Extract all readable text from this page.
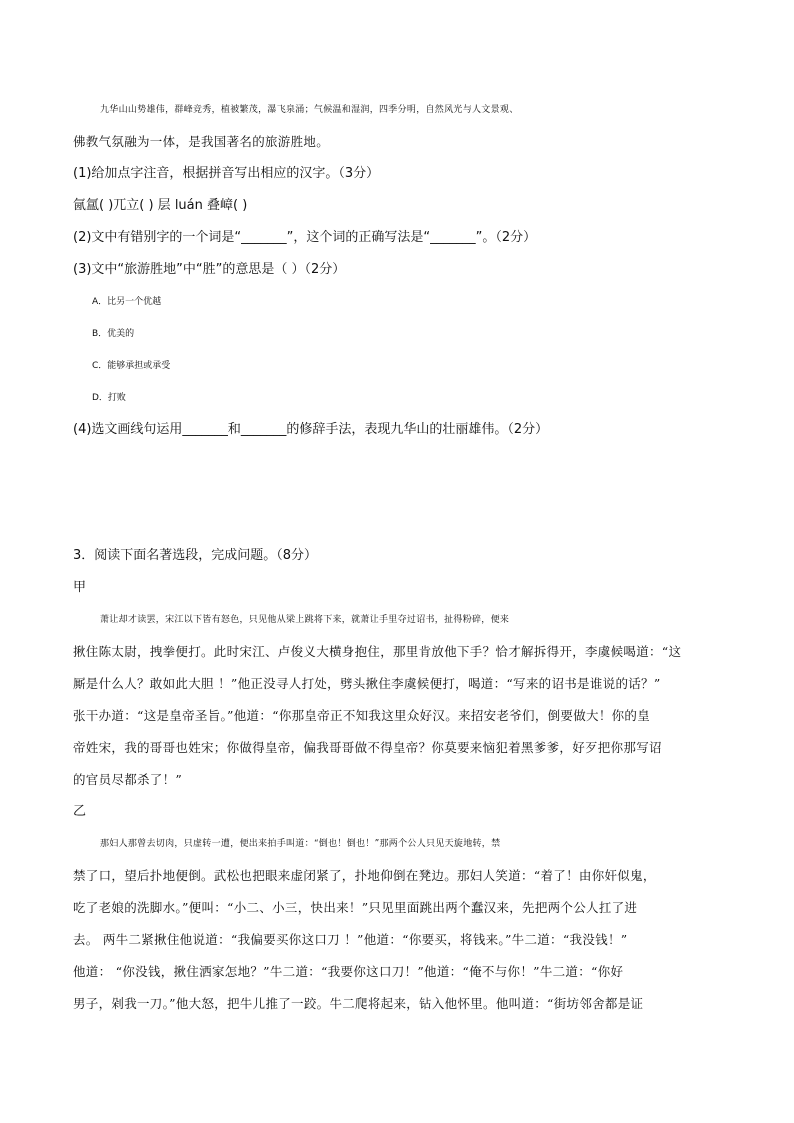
九华山山势雄伟，群峰竞秀，植被繁茂，瀑飞泉涌；气候温和湿润，四季分明，自然风光与人文景观、
佛教气氛融为一体，是我国著名的旅游胜地。
(1)给加点字注音，根据拼音写出相应的汉字。（3分）
氤氲( )兀立( ) 层 luán 叠嶂( )
(2)文中有错别字的一个词是“_______”，这个词的正确写法是“_______”。（2分）
(3)文中“旅游胜地”中“胜”的意思是（ ）（2分）
A．比另一个优越
B．优美的
C．能够承担或承受
D．打败
(4)选文画线句运用_______和_______的修辞手法，表现九华山的壮丽雄伟。（2分）
3．阅读下面名著选段，完成问题。（8分）
甲
萧让却才读罢，宋江以下皆有怒色，只见他从梁上跳将下来，就萧让手里夺过诏书，扯得粉碎，便来
揪住陈太尉，拽拳便打。此时宋江、卢俊义大横身抱住，那里肯放他下手？恰才解拆得开，李虞候喝道：“这
厮是什么人？敢如此大胆 ！”他正没寻人打处，劈头揪住李虞候便打，喝道：“写来的诏书是谁说的话？”
张干办道：“这是皇帝圣旨。”他道：“你那皇帝正不知我这里众好汉。来招安老爷们，倒要做大！你的皇
帝姓宋，我的哥哥也姓宋；你做得皇帝，偏我哥哥做不得皇帝？你莫要来恼犯着黑爹爹，好歹把你那写诏
的官员尽都杀了！”
乙
那妇人那曾去切肉，只虚转一遭，便出来拍手叫道：“倒也！倒也！”那两个公人只见天旋地转，禁
禁了口，望后扑地便倒。武松也把眼来虚闭紧了，扑地仰倒在凳边。那妇人笑道：“着了！由你奸似鬼，
吃了老娘的洗脚水。”便叫：“小二、小三，快出来！”只见里面跳出两个蠢汉来，先把两个公人扛了进
去。 两牛二紧揪住他说道：“我偏要买你这口刀 ！”他道：“你要买，将钱来。”牛二道：“我没钱！”
他道： “你没钱，揪住洒家怎地？”牛二道：“我要你这口刀！”他道：“俺不与你！”牛二道：“你好
男子，剁我一刀。”他大怒，把牛儿推了一跤。牛二爬将起来，钻入他怀里。他叫道：“街坊邻舍都是证
